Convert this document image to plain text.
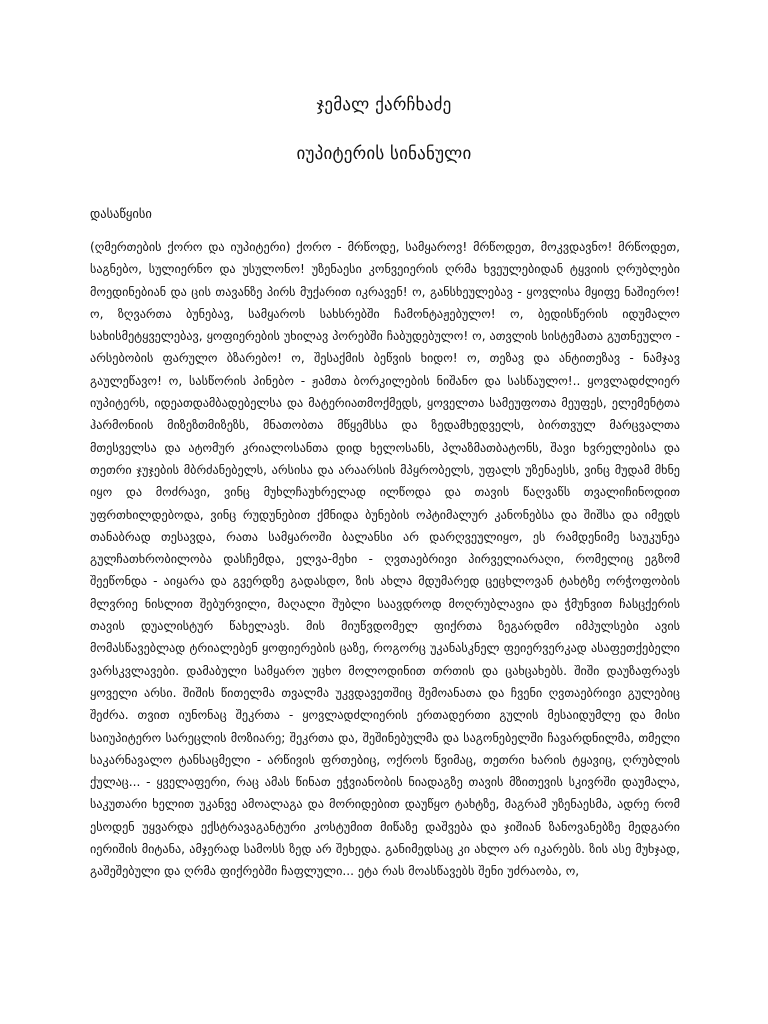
ჯემალ ქარჩხაძე
იუპიტერის სინანული
დასაწყისი

(ღმერთების ქორო და იუპიტერი) ქორო - მრწოდე, სამყაროვ! მრწოდეთ, მოკვდავნო! მრწოდეთ, საგნებო, სულიერნო და უსულონო! უზენაესი კონვეიერის ღრმა ხვეულებიდან ტყვიის ღრუბლები მოედინებიან და ცის თავანზე პირს მუქარით იკრავენ! ო, განსხეულებავ - ყოვლისა მყიფე ნაშიერო! ო, ზღვართა ბუნებავ, სამყაროს სახსრებში ჩამონტაჟებულო! ო, ბედისწერის იდუმალო სახისმეტყველებავ, ყოფიერების უხილავ პორებში ჩაბუდებულო! ო, ათვლის სისტემათა გუთნეულო - არსებობის ფარულო ბზარებო! ო, შესაქმის ბეწვის ხიდო! ო, თეზავ და ანტითეზავ - ნამჯავ გაულეწავო! ო, სასწორის პინებო - ჟამთა ბორკილების ნიშანო და სასწაულო!.. ყოვლადძლიერ იუპიტერს, იდეათდამბადებელსა და მატერიათმოქმედს, ყოველთა სამეუფოთა მეუფეს, ელემენტთა ჰარმონიის მიზეზთმიზეზს, მნათობთა მწყემსსა და ზედამხედველს, ბირთვულ მარცვალთა მთესველსა და ატომურ კრიალოსანთა დიდ ხელოსანს, პლაზმათბატონს, შავი ხვრელებისა და თეთრი ჯუჯების მბრძანებელს, არსისა და არაარსის მპყრობელს, უფალს უზენაესს, ვინც მუდამ მხნე იყო და მოძრავი, ვინც მუხლჩაუხრელად ილწოდა და თავის წაღვაწს თვალიჩინოდით უფრთხილდებოდა, ვინც რუდუნებით ქმნიდა ბუნების ოპტიმალურ კანონებსა და შიშსა და იმედს თანაბრად თესავდა, რათა სამყაროში ბალანსი არ დარღვეულიყო, ეს რამდენიმე საუკუნეა გულჩათხრობილობა დასჩემდა, ელვა-მეხი - ღვთაებრივი პირველიარაღი, რომელიც ეგზომ შეეწონდა - აიყარა და გვერდზე გადასდო, ზის ახლა მდუმარედ ცეცხლოვან ტახტზე ორჭოფობის მლვრიე ნისლით შებურვილი, მაღალი შუბლი საავდროდ მოღრუბლავია და ჭმუნვით ჩასცქერის თავის დუალისტურ წახელავს. მის მიუწვდომელ ფიქრთა ზეგარდმო იმპულსები ავის მომასწავებლად ტრიალებენ ყოფიერების ცაზე, როგორც უკანასკნელ ფეიერვერკად ასაფეთქებელი ვარსკვლავები. დამაბული სამყარო უცხო მოლოდინით თრთის და ცახცახებს. შიში დაუზაფრავს ყოველი არსი. შიშის წითელმა თვალმა უკვდავეთშიც შემოანათა და ჩვენი ღვთაებრივი გულებიც შეძრა. თვით იუნონაც შეკრთა - ყოვლადძლიერის ერთადერთი გულის მესაიდუმლე და მისი საიუპიტერო სარეცლის მოზიარე; შეკრთა და, შეშინებულმა და საგონებელში ჩავარდნილმა, თმელი საკარნავალო ტანსაცმელი - არწივის ფრთებიც, ოქროს წვიმაც, თეთრი ხარის ტყავიც, ღრუბლის ქულაც... - ყველაფერი, რაც ამას წინათ ეჭვიანობის ნიადაგზე თავის მზითევის სკივრში დაუმალა, საკუთარი ხელით უკანვე ამოალაგა და მორიდებით დაუწყო ტახტზე, მაგრამ უზენაესმა, ადრე რომ ესოდენ უყვარდა ექსტრავაგანტური კოსტუმით მიწაზე დაშვება და ჯიშიან ზანოვანებზე მედგარი იერიშის მიტანა, ამჯერად სამოსს ზედ არ შეხედა. განიმედსაც კი ახლო არ იკარებს. ზის ასე მუხჯად, გაშეშებული და ღრმა ფიქრებში ჩაფლული... ეტა რას მოასწავებს შენი უძრაობა, ო,
